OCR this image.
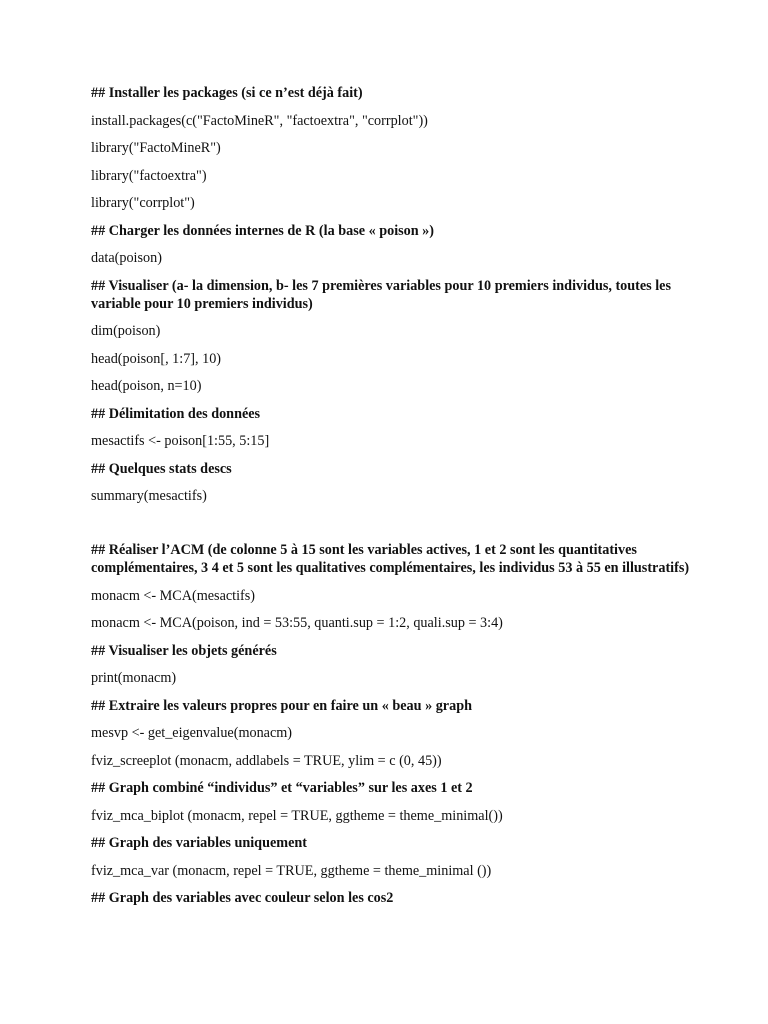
## Installer les packages (si ce n’est déjà fait)

install.packages(c("FactoMineR", "factoextra", "corrplot"))

library("FactoMineR")

library("factoextra")

library("corrplot")

## Charger les données internes de R (la base « poison »)

data(poison)

## Visualiser (a- la dimension, b- les 7 premières variables pour 10 premiers individus, toutes les variable pour 10 premiers individus)

dim(poison)

head(poison[, 1:7], 10)

head(poison, n=10)

## Délimitation des données

mesactifs <- poison[1:55, 5:15]

## Quelques stats descs

summary(mesactifs)

## Réaliser l’ACM (de colonne 5 à 15 sont les variables actives, 1 et 2 sont les quantitatives complémentaires, 3 4 et 5 sont les qualitatives complémentaires, les individus 53 à 55 en illustratifs)

monacm <- MCA(mesactifs)

monacm <- MCA(poison, ind = 53:55, quanti.sup = 1:2, quali.sup = 3:4)

## Visualiser les objets générés

print(monacm)

## Extraire les valeurs propres pour en faire un « beau » graph

mesvp <- get_eigenvalue(monacm)

fviz_screeplot (monacm, addlabels = TRUE, ylim = c (0, 45))

## Graph combiné “individus” et “variables” sur les axes 1 et 2

fviz_mca_biplot (monacm, repel = TRUE, ggtheme = theme_minimal())

## Graph des variables uniquement

fviz_mca_var (monacm, repel = TRUE, ggtheme = theme_minimal ())

## Graph des variables avec couleur selon les cos2
